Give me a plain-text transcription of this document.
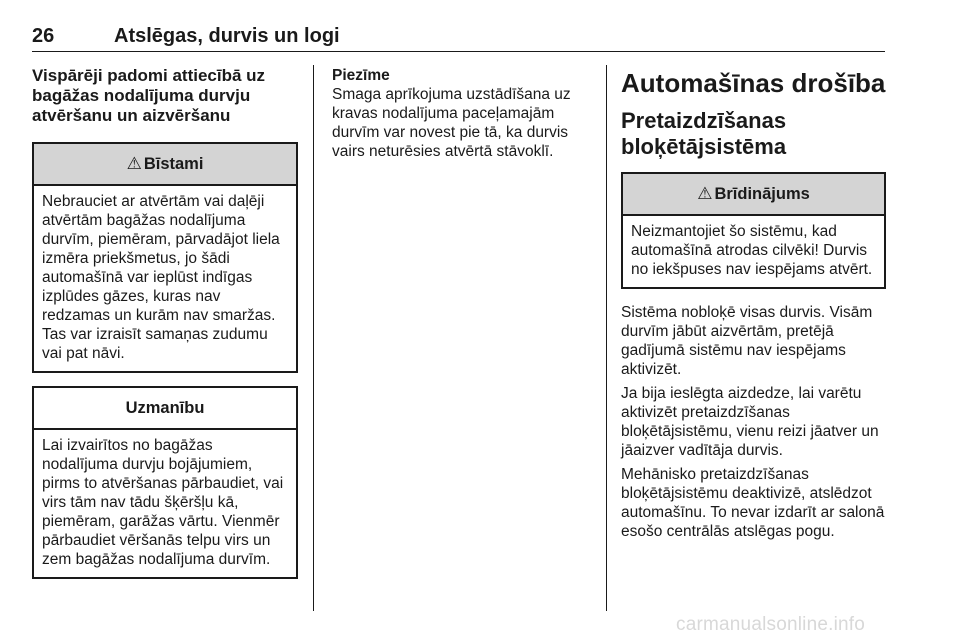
26	Atslēgas, durvis un logi
Vispārēji padomi attiecībā uz bagāžas nodalījuma durvju atvēršanu un aizvēršanu
⚠ Bīstami
Nebrauciet ar atvērtām vai daļēji atvērtām bagāžas nodalījuma durvīm, piemēram, pārvadājot liela izmēra priekšmetus, jo šādi automašīnā var ieplūst indīgas izplūdes gāzes, kuras nav redzamas un kurām nav smaržas. Tas var izraisīt samaņas zudumu vai pat nāvi.
Uzmanību
Lai izvairītos no bagāžas nodalījuma durvju bojājumiem, pirms to atvēršanas pārbaudiet, vai virs tām nav tādu šķēršļu kā, piemēram, garāžas vārtu. Vienmēr pārbaudiet vēršanās telpu virs un zem bagāžas nodalījuma durvīm.
Piezīme

Smaga aprīkojuma uzstādīšana uz kravas nodalījuma paceļamajām durvīm var novest pie tā, ka durvis vairs neturēsies atvērtā stāvoklī.

Automašīnas drošība
Pretaizdzīšanas bloķētājsistēma
⚠ Brīdinājums
Neizmantojiet šo sistēmu, kad automašīnā atrodas cilvēki! Durvis no iekšpuses nav iespējams atvērt.

Sistēma nobloķē visas durvis. Visām durvīm jābūt aizvērtām, pretējā gadījumā sistēmu nav iespējams aktivizēt.

Ja bija ieslēgta aizdedze, lai varētu aktivizēt pretaizdzīšanas bloķētājsistēmu, vienu reizi jāatver un jāaizver vadītāja durvis.

Mehānisko pretaizdzīšanas bloķētājsistēmu deaktivizē, atslēdzot automašīnu. To nevar izdarīt ar salonā esošo centrālās atslēgas pogu.

carmanualsonline.info
